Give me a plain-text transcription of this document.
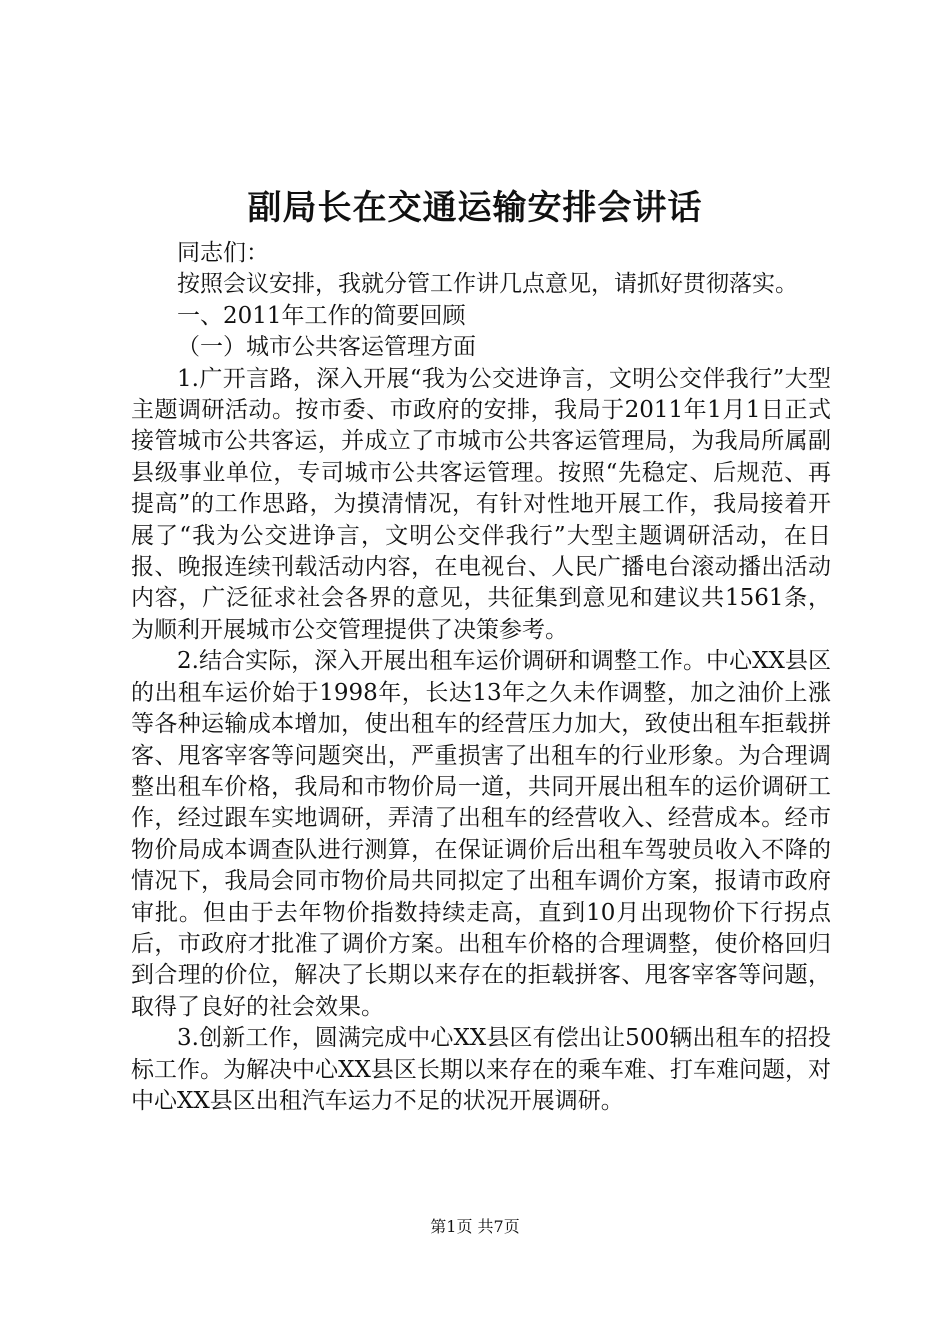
副局长在交通运输安排会讲话

同志们：

按照会议安排，我就分管工作讲几点意见，请抓好贯彻落实。

一、2011年工作的简要回顾

（一）城市公共客运管理方面

1.广开言路，深入开展“我为公交进诤言，文明公交伴我行”大型主题调研活动。按市委、市政府的安排，我局于2011年1月1日正式接管城市公共客运，并成立了市城市公共客运管理局，为我局所属副县级事业单位，专司城市公共客运管理。按照“先稳定、后规范、再提高”的工作思路，为摸清情况，有针对性地开展工作，我局接着开展了“我为公交进诤言，文明公交伴我行”大型主题调研活动，在日报、晚报连续刊载活动内容，在电视台、人民广播电台滚动播出活动内容，广泛征求社会各界的意见，共征集到意见和建议共1561条，为顺利开展城市公交管理提供了决策参考。

2.结合实际，深入开展出租车运价调研和调整工作。中心XX县区的出租车运价始于1998年，长达13年之久未作调整，加之油价上涨等各种运输成本增加，使出租车的经营压力加大，致使出租车拒载拼客、甩客宰客等问题突出，严重损害了出租车的行业形象。为合理调整出租车价格，我局和市物价局一道，共同开展出租车的运价调研工作，经过跟车实地调研，弄清了出租车的经营收入、经营成本。经市物价局成本调查队进行测算，在保证调价后出租车驾驶员收入不降的情况下，我局会同市物价局共同拟定了出租车调价方案，报请市政府审批。但由于去年物价指数持续走高，直到10月出现物价下行拐点后，市政府才批准了调价方案。出租车价格的合理调整，使价格回归到合理的价位，解决了长期以来存在的拒载拼客、甩客宰客等问题，取得了良好的社会效果。

3.创新工作，圆满完成中心XX县区有偿出让500辆出租车的招投标工作。为解决中心XX县区长期以来存在的乘车难、打车难问题，对中心XX县区出租汽车运力不足的状况开展调研。

第1页 共7页
